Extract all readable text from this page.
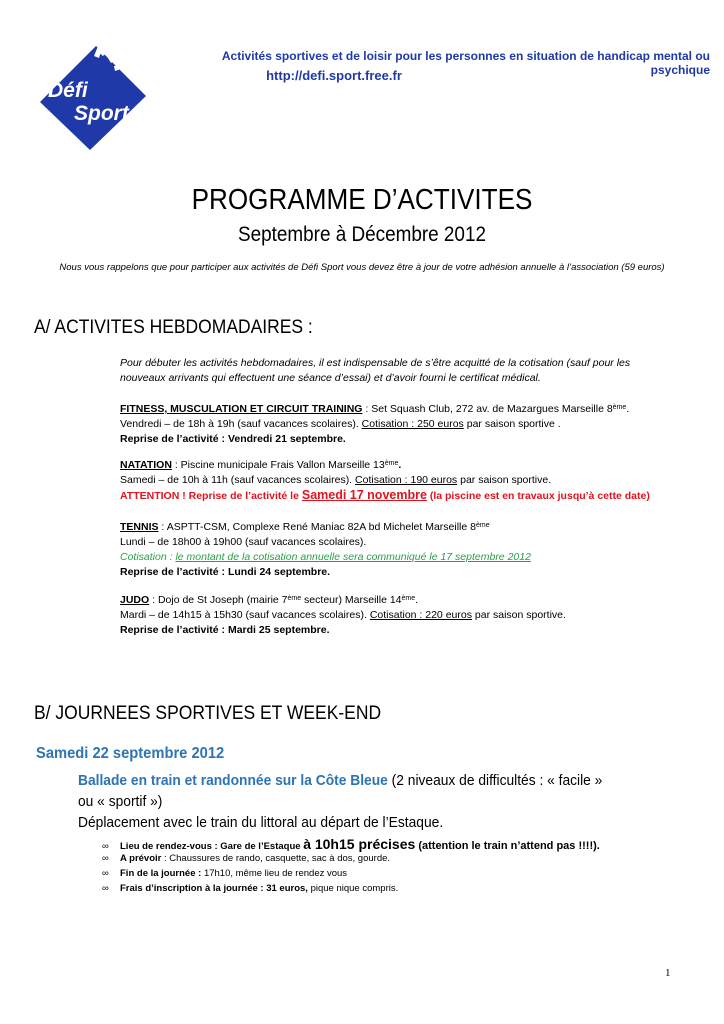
Défi
Sport
Activités sportives et de loisir pour les personnes en situation de handicap mental ou psychique
http://defi.sport.free.fr
PROGRAMME D’ACTIVITES
Septembre à Décembre 2012
Nous vous rappelons que pour participer aux activités de Défi Sport vous devez être à jour de votre adhésion annuelle à l’association (59 euros)
A/ ACTIVITES HEBDOMADAIRES :
Pour débuter les activités hebdomadaires, il est indispensable de s’être acquitté de la cotisation (sauf pour les
nouveaux arrivants qui effectuent une séance d’essai) et d’avoir fourni le certificat médical.
FITNESS, MUSCULATION ET CIRCUIT TRAINING : Set Squash Club, 272 av. de Mazargues Marseille 8ème.
Vendredi – de 18h à 19h (sauf vacances scolaires). Cotisation : 250 euros par saison sportive .
Reprise de l’activité : Vendredi 21 septembre.
NATATION : Piscine municipale Frais Vallon Marseille 13ème.
Samedi – de 10h à 11h (sauf vacances scolaires). Cotisation : 190 euros par saison sportive.
ATTENTION ! Reprise de l’activité le Samedi 17 novembre (la piscine est en travaux jusqu’à cette date)
TENNIS : ASPTT-CSM, Complexe René Maniac 82A bd Michelet Marseille 8ème
Lundi – de 18h00 à 19h00 (sauf vacances scolaires).
Cotisation : le montant de la cotisation annuelle sera communiqué le 17 septembre 2012
Reprise de l’activité : Lundi 24 septembre.
JUDO : Dojo de St Joseph (mairie 7ème secteur) Marseille 14ème.
Mardi – de 14h15 à 15h30 (sauf vacances scolaires). Cotisation : 220 euros par saison sportive.
Reprise de l’activité : Mardi 25 septembre.
B/ JOURNEES SPORTIVES ET WEEK-END
Samedi 22 septembre 2012
Ballade en train et randonnée sur la Côte Bleue (2 niveaux de difficultés : « facile »
ou « sportif »)
Déplacement avec le train du littoral au départ de l’Estaque.
∞ Lieu de rendez-vous : Gare de l’Estaque à 10h15 précises (attention le train n’attend pas !!!!).
∞ A prévoir : Chaussures de rando, casquette, sac à dos, gourde.
∞ Fin de la journée : 17h10, même lieu de rendez vous
∞ Frais d’inscription à la journée : 31 euros, pique nique compris.
1
